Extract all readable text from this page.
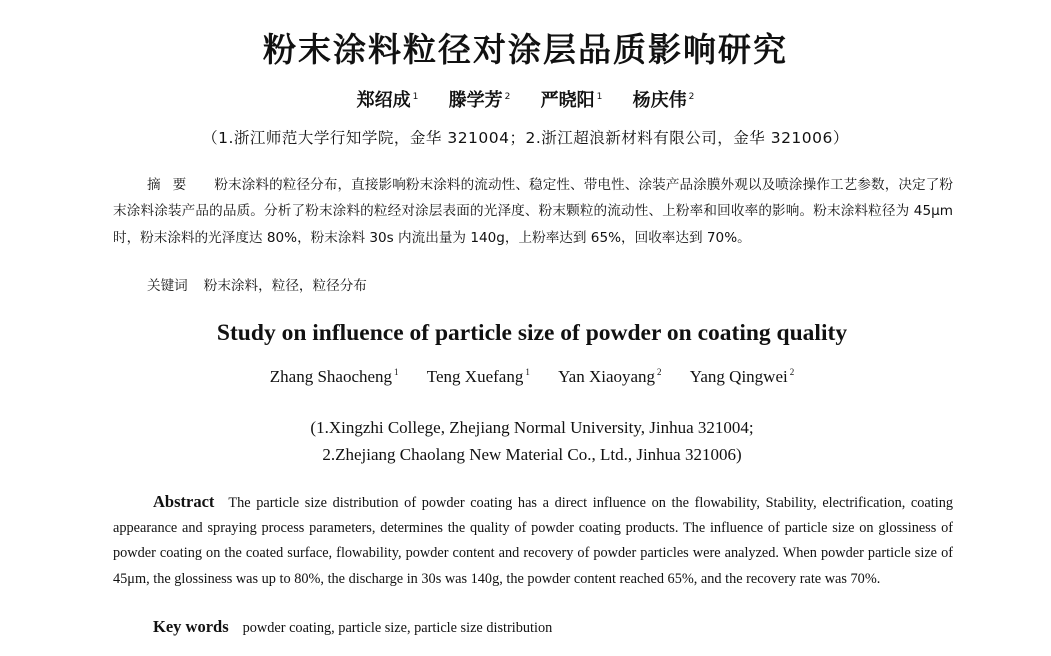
粉末涂料粒径对涂层品质影响研究
郑绍成 $^1$ 滕学芳 $^2$ 严晓阳 $^1$ 杨庆伟 $^2$
（1.浙江师范大学行知学院，金华 321004；2.浙江超浪新材料有限公司，金华 321006）
摘要 粉末涂料的粒径分布，直接影响粉末涂料的流动性、稳定性、带电性、涂装产品涂膜外观以及喷涂操作工艺参数，决定了粉末涂料涂装产品的品质。分析了粉末涂料的粒经对涂层表面的光泽度、粉末颗粒的流动性、上粉率和回收率的影响。粉末涂料粒径为 45μm 时，粉末涂料的光泽度达 80%，粉末涂料 30s 内流出量为 140g，上粉率达到 65%，回收率达到 70%。
关键词 粉末涂料，粒径，粒径分布
Study on influence of particle size of powder on coating quality
Zhang Shaocheng $^1$ Teng Xuefang $^1$ Yan Xiaoyang $^2$ Yang Qingwei $^2$
(1.Xingzhi College, Zhejiang Normal University, Jinhua 321004;
2.Zhejiang Chaolang New Material Co., Ltd., Jinhua 321006)
Abstract The particle size distribution of powder coating has a direct influence on the flowability, Stability, electrification, coating appearance and spraying process parameters, determines the quality of powder coating products. The influence of particle size on glossiness of powder coating on the coated surface, flowability, powder content and recovery of powder particles were analyzed. When powder particle size of 45μm, the glossiness was up to 80%, the discharge in 30s was 140g, the powder content reached 65%, and the recovery rate was 70%.
Key words powder coating, particle size, particle size distribution
